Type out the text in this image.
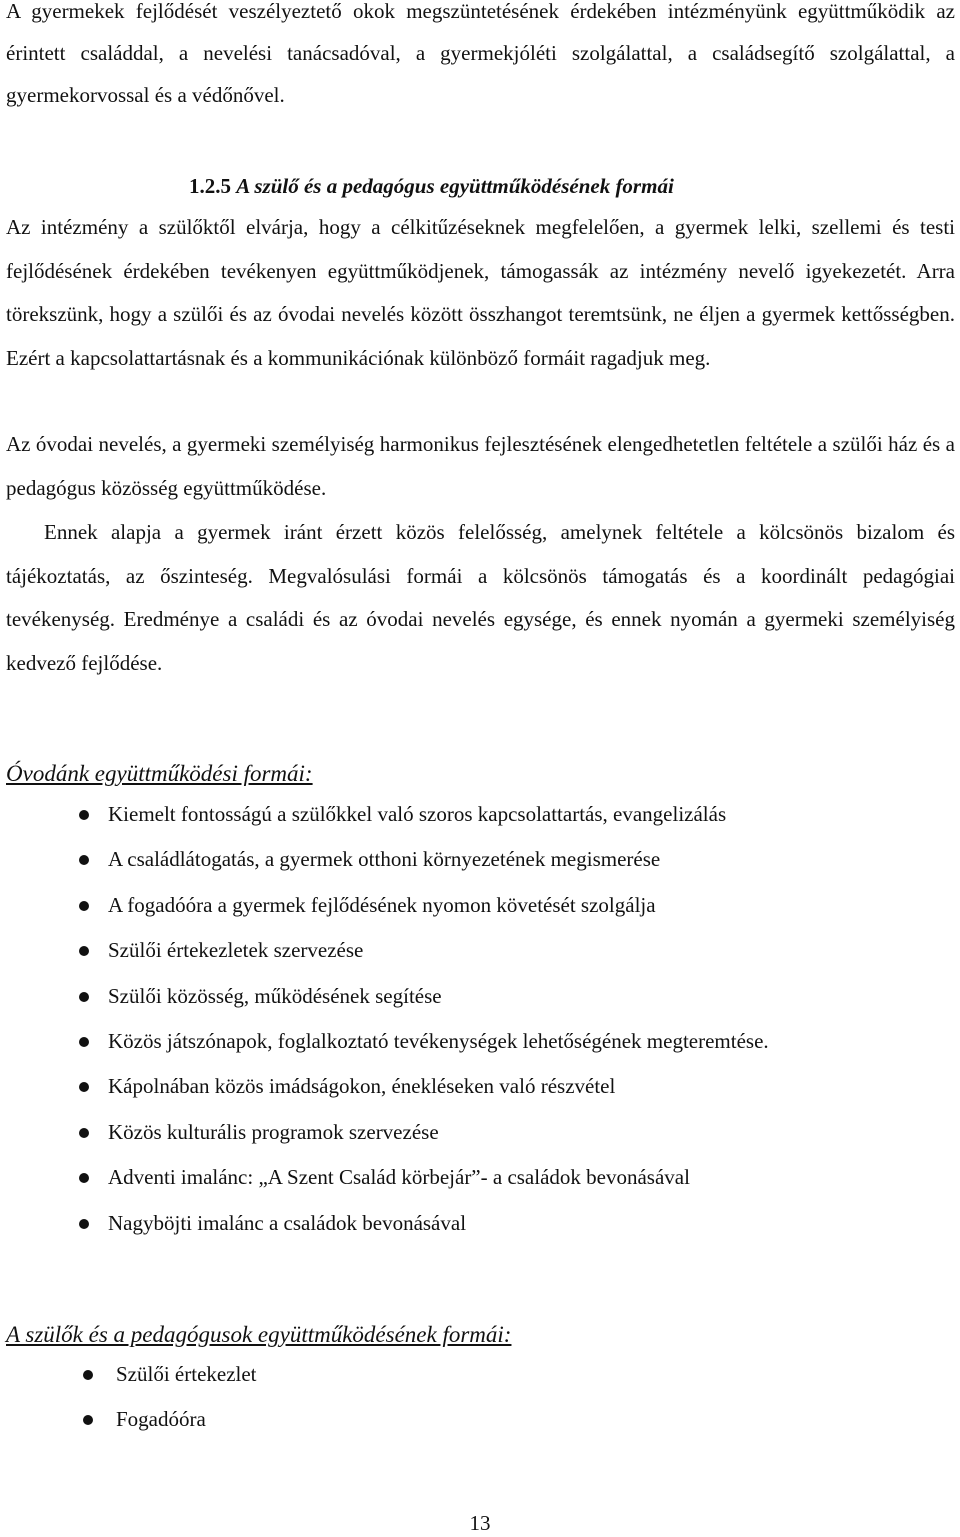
A gyermekek fejlődését veszélyeztető okok megszüntetésének érdekében intézményünk együttműködik az érintett családdal, a nevelési tanácsadóval, a gyermekjóléti szolgálattal, a családsegítő szolgálattal, a gyermekorvossal és a védőnővel.

1.2.5 A szülő és a pedagógus együttműködésének formái

Az intézmény a szülőktől elvárja, hogy a célkitűzéseknek megfelelően, a gyermek lelki, szellemi és testi fejlődésének érdekében tevékenyen együttműködjenek, támogassák az intézmény nevelő igyekezetét. Arra törekszünk, hogy a szülői és az óvodai nevelés között összhangot teremtsünk, ne éljen a gyermek kettősségben. Ezért a kapcsolattartásnak és a kommunikációnak különböző formáit ragadjuk meg.

Az óvodai nevelés, a gyermeki személyiség harmonikus fejlesztésének elengedhetetlen feltétele a szülői ház és a pedagógus közösség együttműködése.

Ennek alapja a gyermek iránt érzett közös felelősség, amelynek feltétele a kölcsönös bizalom és tájékoztatás, az őszinteség. Megvalósulási formái a kölcsönös támogatás és a koordinált pedagógiai tevékenység. Eredménye a családi és az óvodai nevelés egysége, és ennek nyomán a gyermeki személyiség kedvező fejlődése.

Óvodánk együttműködési formái:
Kiemelt fontosságú a szülőkkel való szoros kapcsolattartás, evangelizálás
A családlátogatás, a gyermek otthoni környezetének megismerése
A fogadóóra a gyermek fejlődésének nyomon követését szolgálja
Szülői értekezletek szervezése
Szülői közösség, működésének segítése
Közös játszónapok, foglalkoztató tevékenységek lehetőségének megteremtése.
Kápolnában közös imádságokon, énekléseken való részvétel
Közös kulturális programok szervezése
Adventi imalánc: „A Szent Család körbejár”- a családok bevonásával
Nagyböjti imalánc a családok bevonásával
A szülők és a pedagógusok együttműködésének formái:
Szülői értekezlet
Fogadóóra
13
